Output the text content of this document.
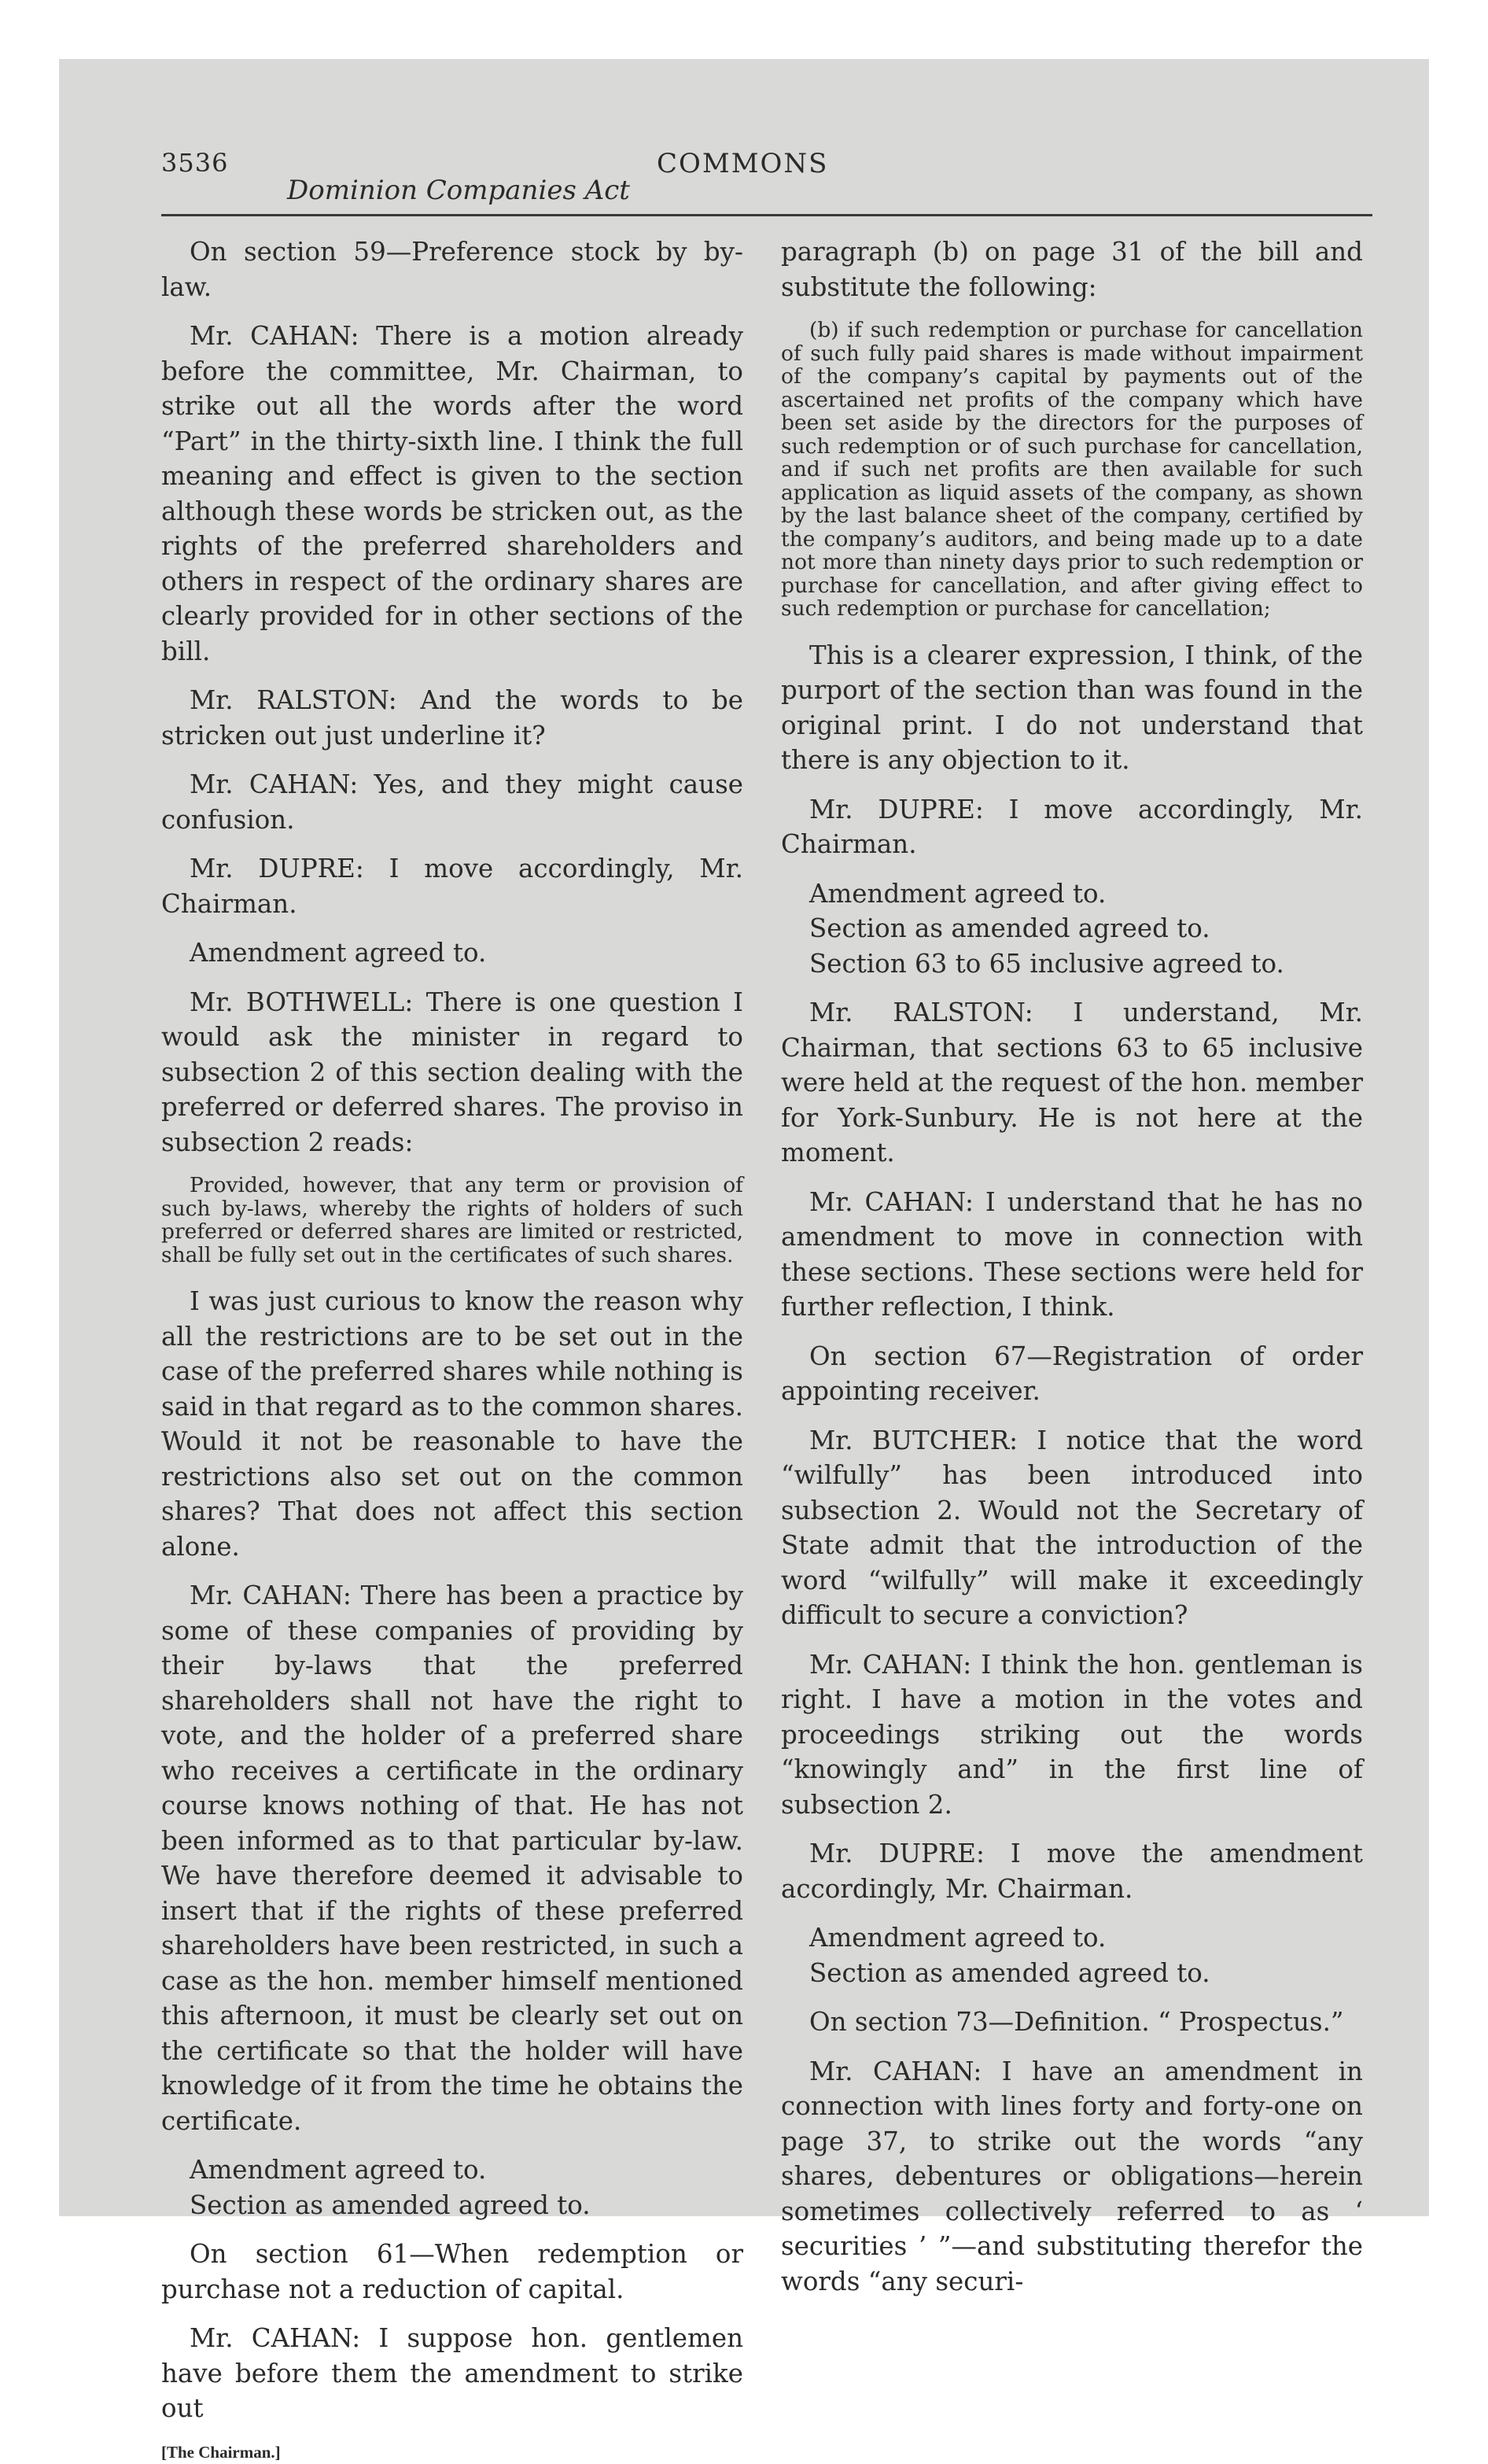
3536	COMMONS
Dominion Companies Act

On section 59—Preference stock by by-law.

Mr. CAHAN: There is a motion already before the committee, Mr. Chairman, to strike out all the words after the word “Part” in the thirty-sixth line. I think the full meaning and effect is given to the section although these words be stricken out, as the rights of the preferred shareholders and others in respect of the ordinary shares are clearly provided for in other sections of the bill.

Mr. RALSTON: And the words to be stricken out just underline it?

Mr. CAHAN: Yes, and they might cause confusion.

Mr. DUPRE: I move accordingly, Mr. Chairman.

Amendment agreed to.

Mr. BOTHWELL: There is one question I would ask the minister in regard to subsection 2 of this section dealing with the preferred or deferred shares. The proviso in subsection 2 reads:

Provided, however, that any term or provision of such by-laws, whereby the rights of holders of such preferred or deferred shares are limited or restricted, shall be fully set out in the certificates of such shares.

I was just curious to know the reason why all the restrictions are to be set out in the case of the preferred shares while nothing is said in that regard as to the common shares. Would it not be reasonable to have the restrictions also set out on the common shares? That does not affect this section alone.

Mr. CAHAN: There has been a practice by some of these companies of providing by their by-laws that the preferred shareholders shall not have the right to vote, and the holder of a preferred share who receives a certificate in the ordinary course knows nothing of that. He has not been informed as to that particular by-law. We have therefore deemed it advisable to insert that if the rights of these preferred shareholders have been restricted, in such a case as the hon. member himself mentioned this afternoon, it must be clearly set out on the certificate so that the holder will have knowledge of it from the time he obtains the certificate.

Amendment agreed to.

Section as amended agreed to.

On section 61—When redemption or purchase not a reduction of capital.

Mr. CAHAN: I suppose hon. gentlemen have before them the amendment to strike out

[The Chairman.]

paragraph (b) on page 31 of the bill and substitute the following:

(b) if such redemption or purchase for cancellation of such fully paid shares is made without impairment of the company’s capital by payments out of the ascertained net profits of the company which have been set aside by the directors for the purposes of such redemption or of such purchase for cancellation, and if such net profits are then available for such application as liquid assets of the company, as shown by the last balance sheet of the company, certified by the company’s auditors, and being made up to a date not more than ninety days prior to such redemption or purchase for cancellation, and after giving effect to such redemption or purchase for cancellation;

This is a clearer expression, I think, of the purport of the section than was found in the original print. I do not understand that there is any objection to it.

Mr. DUPRE: I move accordingly, Mr. Chairman.

Amendment agreed to.

Section as amended agreed to.

Section 63 to 65 inclusive agreed to.

Mr. RALSTON: I understand, Mr. Chairman, that sections 63 to 65 inclusive were held at the request of the hon. member for York-Sunbury. He is not here at the moment.

Mr. CAHAN: I understand that he has no amendment to move in connection with these sections. These sections were held for further reflection, I think.

On section 67—Registration of order appointing receiver.

Mr. BUTCHER: I notice that the word “wilfully” has been introduced into subsection 2. Would not the Secretary of State admit that the introduction of the word “wilfully” will make it exceedingly difficult to secure a conviction?

Mr. CAHAN: I think the hon. gentleman is right. I have a motion in the votes and proceedings striking out the words “knowingly and” in the first line of subsection 2.

Mr. DUPRE: I move the amendment accordingly, Mr. Chairman.

Amendment agreed to.

Section as amended agreed to.

On section 73—Definition. “ Prospectus.”

Mr. CAHAN: I have an amendment in connection with lines forty and forty-one on page 37, to strike out the words “any shares, debentures or obligations—herein sometimes collectively referred to as ‘ securities ’ ”—and substituting therefor the words “any securi-
